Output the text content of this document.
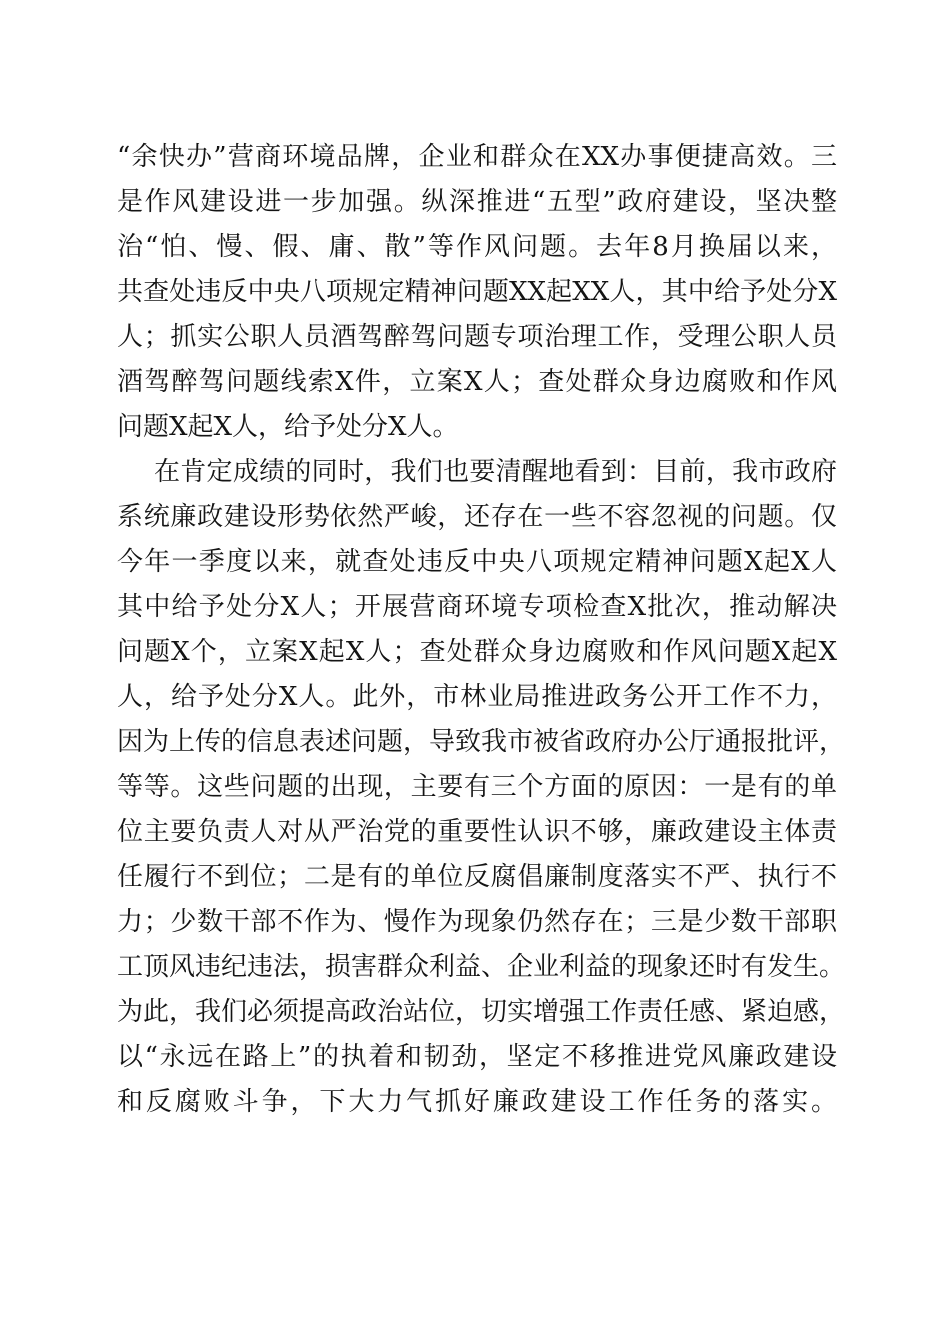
“余快办”营商环境品牌，企业和群众在XX办事便捷高效。三
是作风建设进一步加强。纵深推进“五型”政府建设，坚决整
治“怕、慢、假、庸、散”等作风问题。去年8月换届以来，
共查处违反中央八项规定精神问题XX起XX人，其中给予处分X
人；抓实公职人员酒驾醉驾问题专项治理工作，受理公职人员
酒驾醉驾问题线索X件，立案X人；查处群众身边腐败和作风
问题X起X人，给予处分X人。
在肯定成绩的同时，我们也要清醒地看到：目前，我市政府
系统廉政建设形势依然严峻，还存在一些不容忽视的问题。仅
今年一季度以来，就查处违反中央八项规定精神问题X起X人
其中给予处分X人；开展营商环境专项检查X批次，推动解决
问题X个，立案X起X人；查处群众身边腐败和作风问题X起X
人，给予处分X人。此外，市林业局推进政务公开工作不力，
因为上传的信息表述问题，导致我市被省政府办公厅通报批评，
等等。这些问题的出现，主要有三个方面的原因：一是有的单
位主要负责人对从严治党的重要性认识不够，廉政建设主体责
任履行不到位；二是有的单位反腐倡廉制度落实不严、执行不
力；少数干部不作为、慢作为现象仍然存在；三是少数干部职
工顶风违纪违法，损害群众利益、企业利益的现象还时有发生。
为此，我们必须提高政治站位，切实增强工作责任感、紧迫感，
以“永远在路上”的执着和韧劲，坚定不移推进党风廉政建设
和反腐败斗争，下大力气抓好廉政建设工作任务的落实。
